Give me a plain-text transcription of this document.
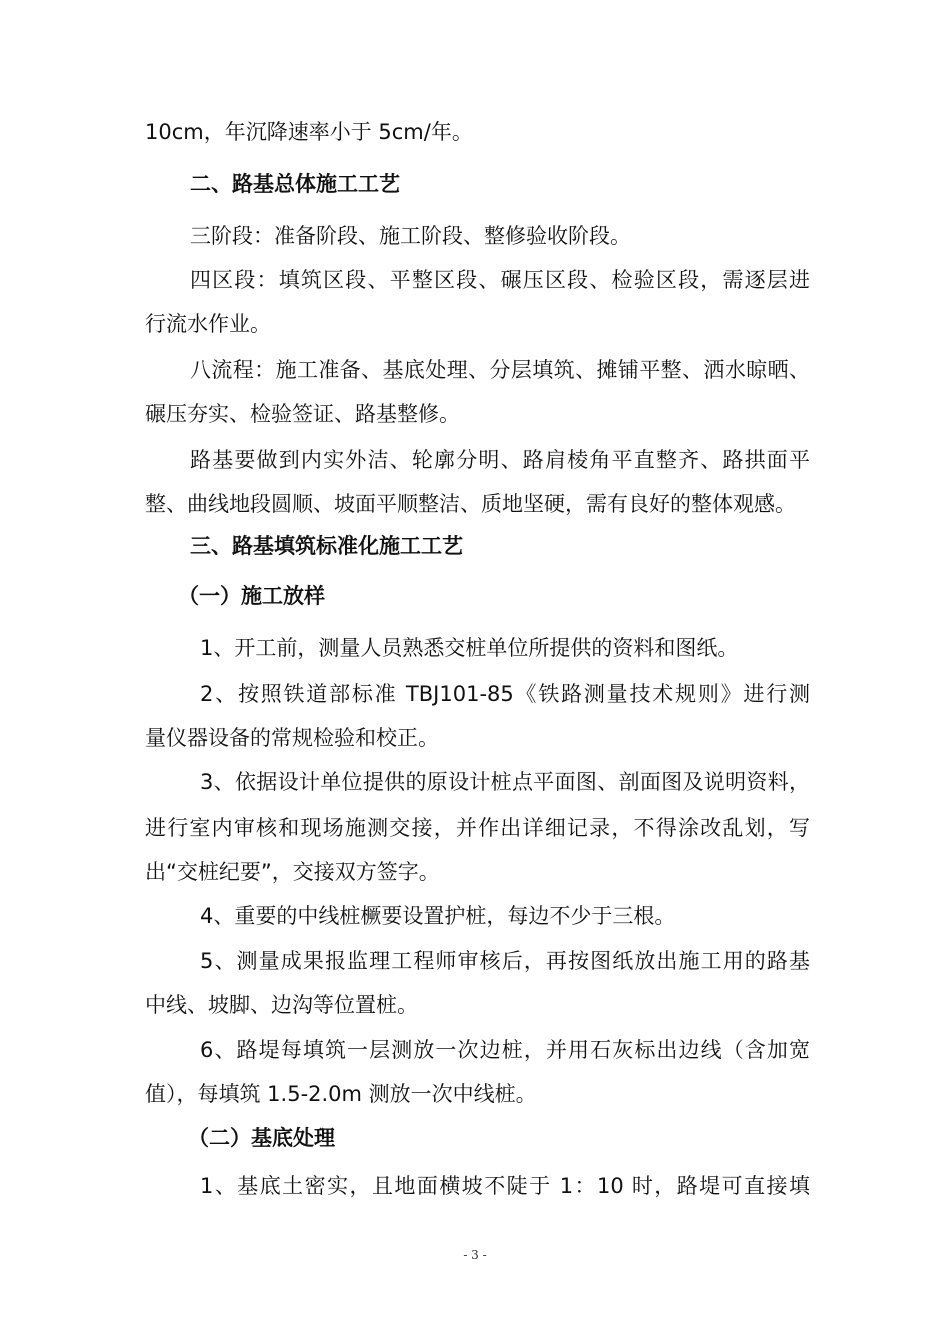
10cm，年沉降速率小于 5cm/年。
二、路基总体施工工艺
三阶段：准备阶段、施工阶段、整修验收阶段。
四区段：填筑区段、平整区段、碾压区段、检验区段，需逐层进
行流水作业。
八流程：施工准备、基底处理、分层填筑、摊铺平整、洒水晾晒、
碾压夯实、检验签证、路基整修。
路基要做到内实外洁、轮廓分明、路肩棱角平直整齐、路拱面平
整、曲线地段圆顺、坡面平顺整洁、质地坚硬，需有良好的整体观感。
三、路基填筑标准化施工工艺
（一）施工放样
1、开工前，测量人员熟悉交桩单位所提供的资料和图纸。
2、按照铁道部标准 TBJ101-85《铁路测量技术规则》进行测
量仪器设备的常规检验和校正。
3、依据设计单位提供的原设计桩点平面图、剖面图及说明资料，
进行室内审核和现场施测交接，并作出详细记录，不得涂改乱划，写
出“交桩纪要”，交接双方签字。
4、重要的中线桩橛要设置护桩，每边不少于三根。
5、测量成果报监理工程师审核后，再按图纸放出施工用的路基
中线、坡脚、边沟等位置桩。
6、路堤每填筑一层测放一次边桩，并用石灰标出边线（含加宽
值），每填筑 1.5-2.0m 测放一次中线桩。
（二）基底处理
1、基底土密实，且地面横坡不陡于 1：10 时，路堤可直接填
- 3 -
